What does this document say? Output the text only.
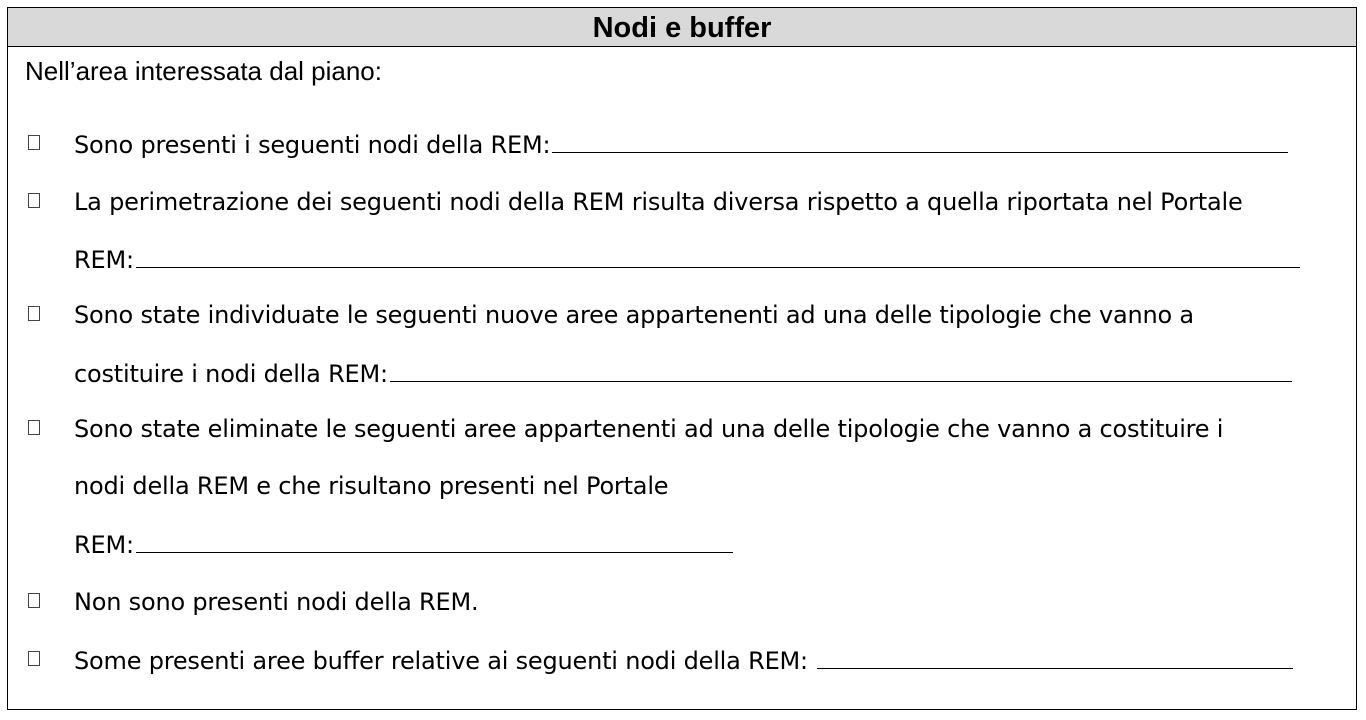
Nodi e buffer
Nell’area interessata dal piano:
Sono presenti i seguenti nodi della REM:
La perimetrazione dei seguenti nodi della REM risulta diversa rispetto a quella riportata nel Portale
REM:
Sono state individuate le seguenti nuove aree appartenenti ad una delle tipologie che vanno a
costituire i nodi della REM:
Sono state eliminate le seguenti aree appartenenti ad una delle tipologie che vanno a costituire i
nodi della REM e che risultano presenti nel Portale
REM:
Non sono presenti nodi della REM.
Some presenti aree buffer relative ai seguenti nodi della REM:
